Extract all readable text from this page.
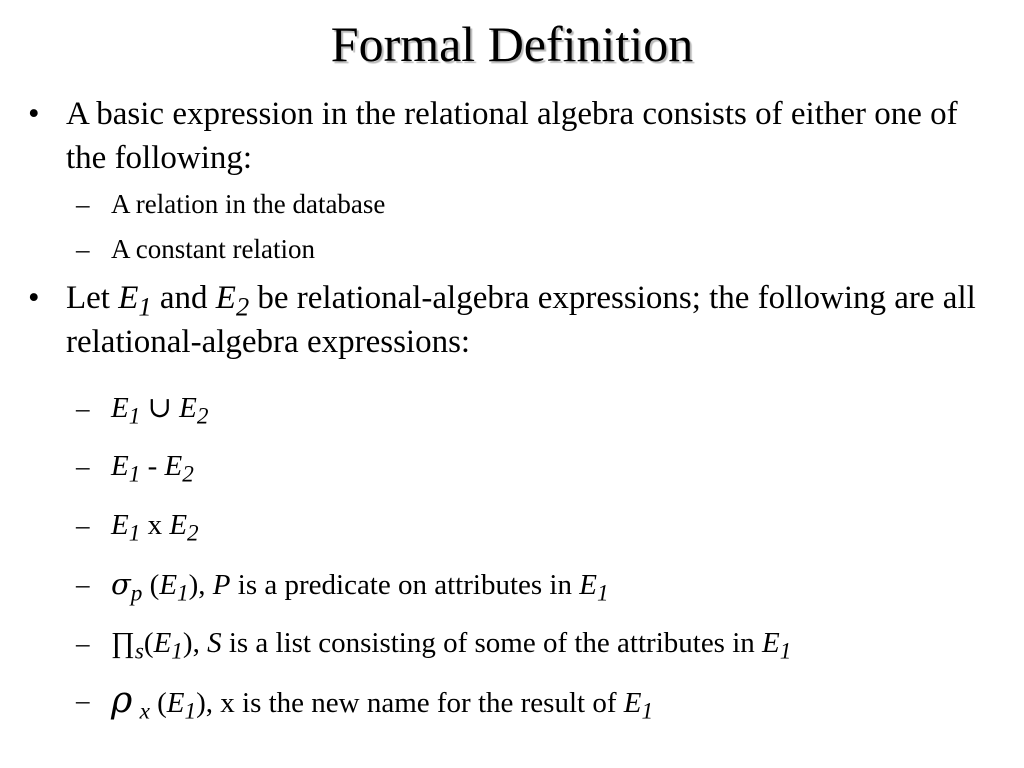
Formal Definition
• A basic expression in the relational algebra consists of either one of the following:
– A relation in the database
– A constant relation
• Let $E_1$ and $E_2$ be relational-algebra expressions; the following are all relational-algebra expressions:
– $E_1$ ∪ $E_2$
– $E_1 - E_2$
– $E_1$ x $E_2$
– $\sigma_p$ $(E_1)$, P is a predicate on attributes in $E_1$
– $\prod_s(E_1)$, S is a list consisting of some of the attributes in $E_1$
– ρ $_x$ $(E_1)$, x is the new name for the result of $E_1$
